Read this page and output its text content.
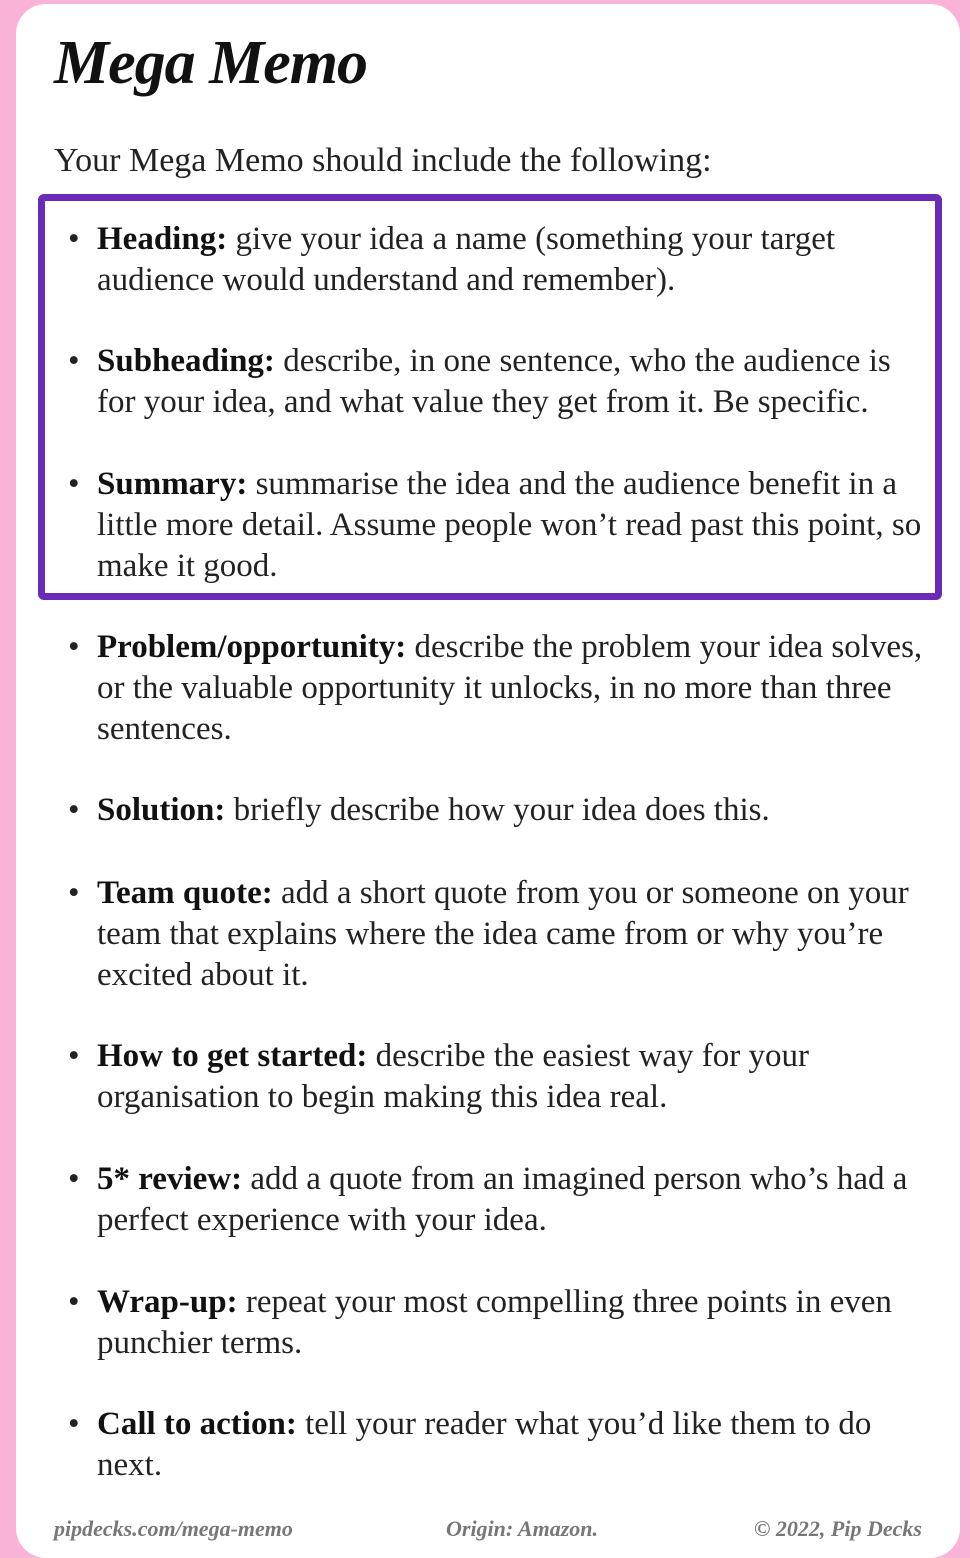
Mega Memo

Your Mega Memo should include the following:

• Heading: give your idea a name (something your target audience would understand and remember).
• Subheading: describe, in one sentence, who the audience is for your idea, and what value they get from it. Be specific.
• Summary: summarise the idea and the audience benefit in a little more detail. Assume people won’t read past this point, so make it good.
• Problem/opportunity: describe the problem your idea solves, or the valuable opportunity it unlocks, in no more than three sentences.
• Solution: briefly describe how your idea does this.
• Team quote: add a short quote from you or someone on your team that explains where the idea came from or why you’re excited about it.
• How to get started: describe the easiest way for your organisation to begin making this idea real.
• 5* review: add a quote from an imagined person who’s had a perfect experience with your idea.
• Wrap-up: repeat your most compelling three points in even punchier terms.
• Call to action: tell your reader what you’d like them to do next.

pipdecks.com/mega-memo	Origin: Amazon.	© 2022, Pip Decks
